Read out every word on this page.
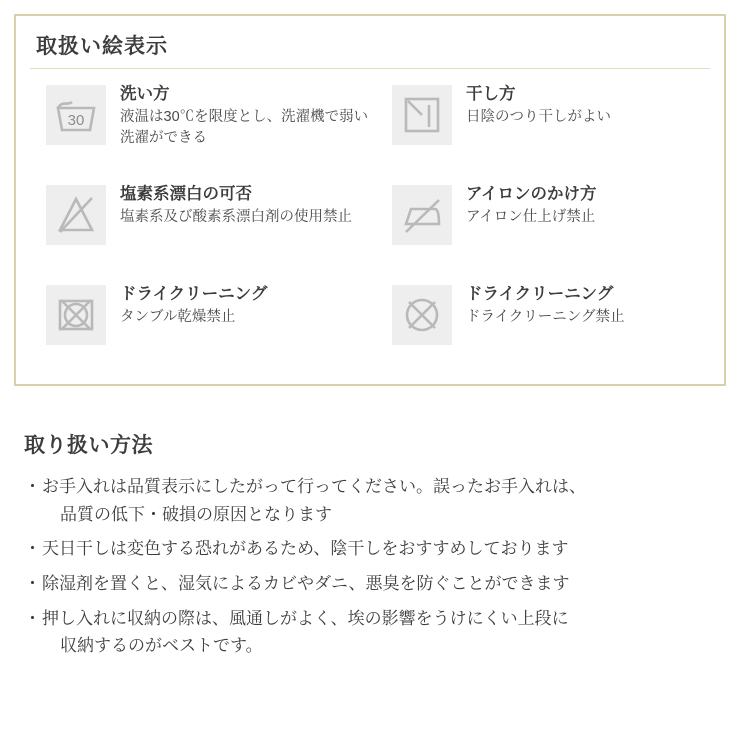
取扱い絵表示
30
洗い方
液温は30℃を限度とし、洗濯機で弱い洗濯ができる
干し方
日陰のつり干しがよい
塩素系漂白の可否
塩素系及び酸素系漂白剤の使用禁止
アイロンのかけ方
アイロン仕上げ禁止
ドライクリーニング
タンブル乾燥禁止
ドライクリーニング
ドライクリーニング禁止
取り扱い方法
・お手入れは品質表示にしたがって行ってください。誤ったお手入れは、
品質の低下・破損の原因となります
・天日干しは変色する恐れがあるため、陰干しをおすすめしております
・除湿剤を置くと、湿気によるカビやダニ、悪臭を防ぐことができます
・押し入れに収納の際は、風通しがよく、埃の影響をうけにくい上段に
収納するのがベストです。
